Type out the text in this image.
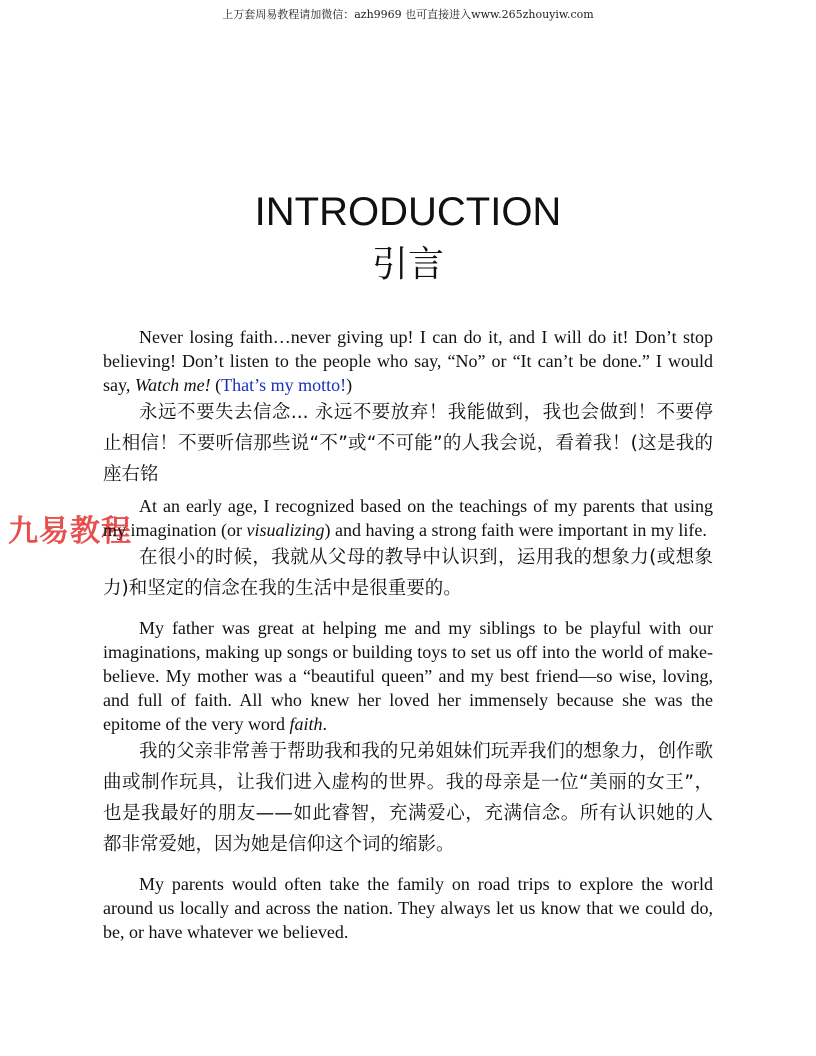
上万套周易教程请加微信：azh9969 也可直接进入www.265zhouyiw.com
九易教程
INTRODUCTION
引言

Never losing faith…never giving up! I can do it, and I will do it! Don’t stop believing! Don’t listen to the people who say, “No” or “It can’t be done.” I would say, Watch me! (That’s my motto!)

永远不要失去信念... 永远不要放弃！我能做到，我也会做到！不要停止相信！不要听信那些说“不”或“不可能”的人我会说，看着我！(这是我的座右铭

At an early age, I recognized based on the teachings of my parents that using my imagination (or visualizing) and having a strong faith were important in my life.

在很小的时候，我就从父母的教导中认识到，运用我的想象力(或想象力)和坚定的信念在我的生活中是很重要的。

My father was great at helping me and my siblings to be playful with our imaginations, making up songs or building toys to set us off into the world of make-believe. My mother was a “beautiful queen” and my best friend—so wise, loving, and full of faith. All who knew her loved her immensely because she was the epitome of the very word faith.

我的父亲非常善于帮助我和我的兄弟姐妹们玩弄我们的想象力，创作歌曲或制作玩具，让我们进入虚构的世界。我的母亲是一位“美丽的女王”，也是我最好的朋友——如此睿智，充满爱心，充满信念。所有认识她的人都非常爱她，因为她是信仰这个词的缩影。

My parents would often take the family on road trips to explore the world around us locally and across the nation. They always let us know that we could do, be, or have whatever we believed.
